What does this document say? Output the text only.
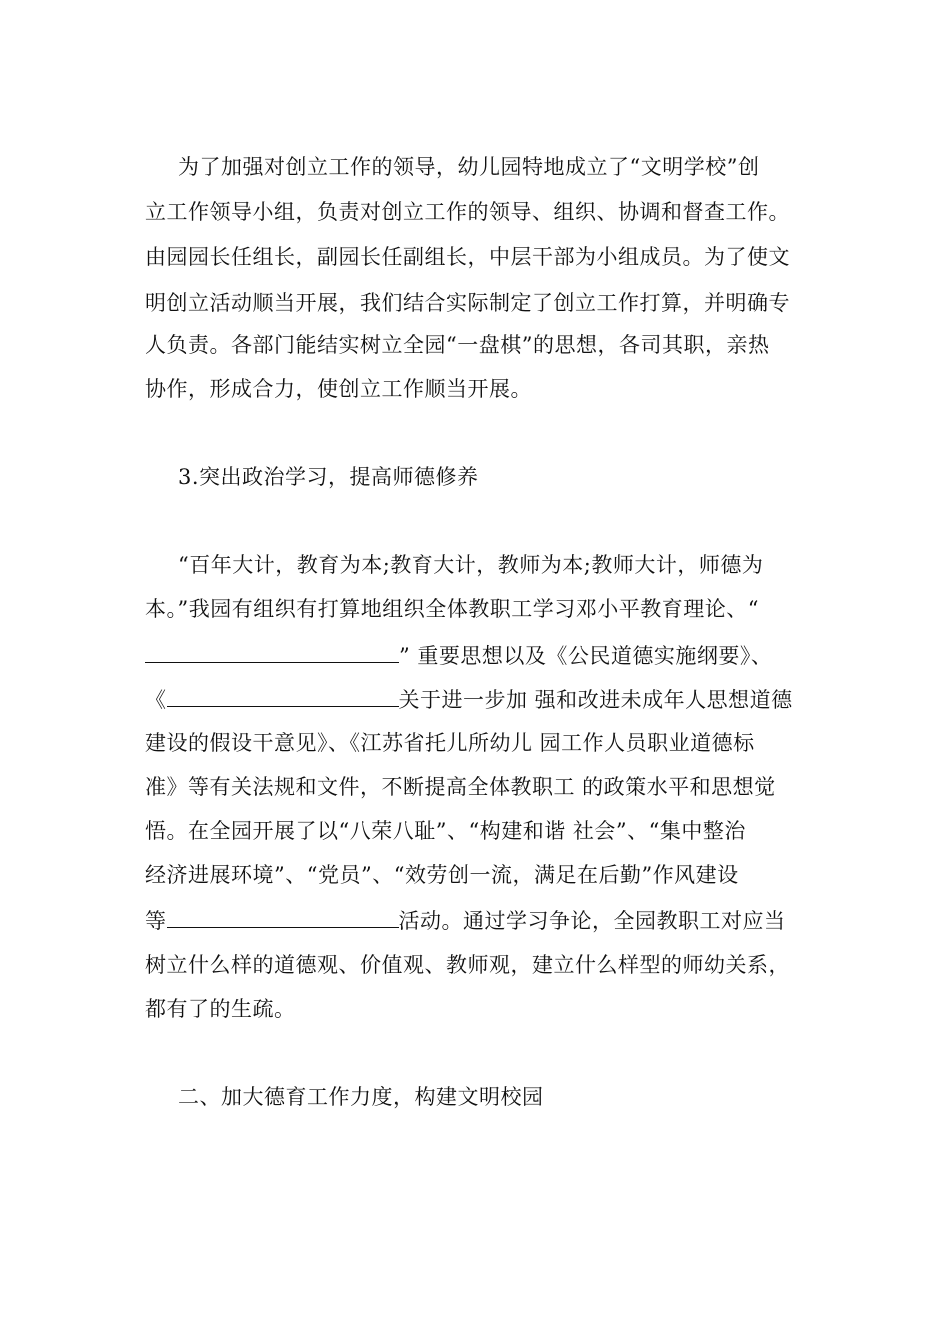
为了加强对创立工作的领导，幼儿园特地成立了“文明学校”创
立工作领导小组，负责对创立工作的领导、组织、协调和督查工作。
由园园长任组长，副园长任副组长，中层干部为小组成员。为了使文
明创立活动顺当开展，我们结合实际制定了创立工作打算，并明确专
人负责。各部门能结实树立全园“一盘棋”的思想，各司其职，亲热
协作，形成合力，使创立工作顺当开展。
3.突出政治学习，提高师德修养
“百年大计，教育为本;教育大计，教师为本;教师大计，师德为
本。”我园有组织有打算地组织全体教职工学习邓小平教育理论、“
” 重要思想以及《公民道德实施纲要》、
《	关于进一步加 强和改进未成年人思想道德
建设的假设干意见》、《江苏省托儿所幼儿 园工作人员职业道德标
准》等有关法规和文件，不断提高全体教职工 的政策水平和思想觉
悟。在全园开展了以“八荣八耻”、“构建和谐 社会”、“集中整治
经济进展环境”、“党员”、“效劳创一流，满足在后勤”作风建设
等	活动。通过学习争论，全园教职工对应当
树立什么样的道德观、价值观、教师观，建立什么样型的师幼关系，
都有了的生疏。
二、加大德育工作力度，构建文明校园
